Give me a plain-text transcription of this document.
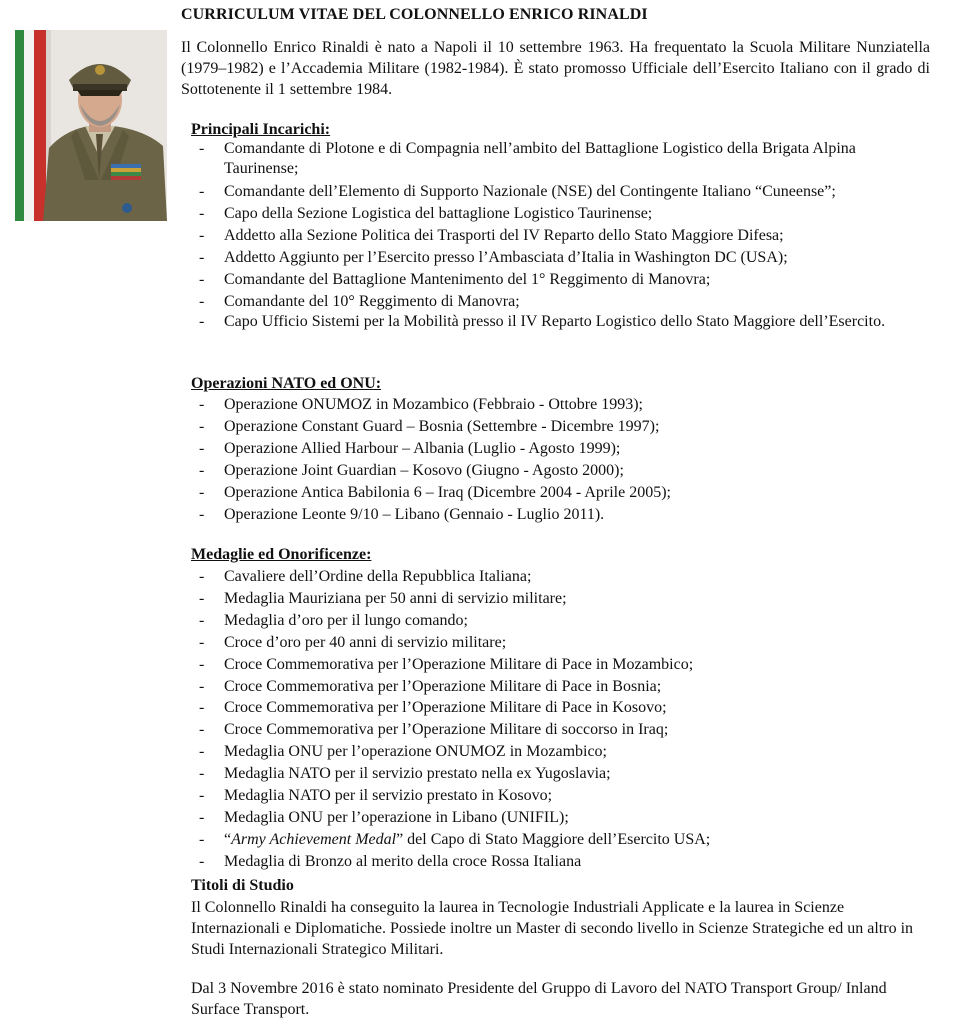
CURRICULUM VITAE DEL COLONNELLO ENRICO RINALDI
Il Colonnello Enrico Rinaldi è nato a Napoli il 10 settembre 1963. Ha frequentato la Scuola Militare Nunziatella (1979–1982) e l’Accademia Militare (1982-1984). È stato promosso Ufficiale dell’Esercito Italiano con il grado di Sottotenente il 1 settembre 1984.
Principali Incarichi:
- Comandante di Plotone e di Compagnia nell’ambito del Battaglione Logistico della Brigata Alpina Taurinense;
- Comandante dell’Elemento di Supporto Nazionale (NSE) del Contingente Italiano “Cuneense”;
- Capo della Sezione Logistica del battaglione Logistico Taurinense;
- Addetto alla Sezione Politica dei Trasporti del IV Reparto dello Stato Maggiore Difesa;
- Addetto Aggiunto per l’Esercito presso l’Ambasciata d’Italia in Washington DC (USA);
- Comandante del Battaglione Mantenimento del 1° Reggimento di Manovra;
- Comandante del 10° Reggimento di Manovra;
- Capo Ufficio Sistemi per la Mobilità presso il IV Reparto Logistico dello Stato Maggiore dell’Esercito.
Operazioni NATO ed ONU:
- Operazione ONUMOZ in Mozambico (Febbraio - Ottobre 1993);
- Operazione Constant Guard – Bosnia (Settembre - Dicembre 1997);
- Operazione Allied Harbour – Albania (Luglio - Agosto 1999);
- Operazione Joint Guardian – Kosovo (Giugno - Agosto 2000);
- Operazione Antica Babilonia 6 – Iraq (Dicembre 2004 - Aprile 2005);
- Operazione Leonte 9/10 – Libano (Gennaio - Luglio 2011).
Medaglie ed Onorificenze:
- Cavaliere dell’Ordine della Repubblica Italiana;
- Medaglia Mauriziana per 50 anni di servizio militare;
- Medaglia d’oro per il lungo comando;
- Croce d’oro per 40 anni di servizio militare;
- Croce Commemorativa per l’Operazione Militare di Pace in Mozambico;
- Croce Commemorativa per l’Operazione Militare di Pace in Bosnia;
- Croce Commemorativa per l’Operazione Militare di Pace in Kosovo;
- Croce Commemorativa per l’Operazione Militare di soccorso in Iraq;
- Medaglia ONU per l’operazione ONUMOZ in Mozambico;
- Medaglia NATO per il servizio prestato nella ex Yugoslavia;
- Medaglia NATO per il servizio prestato in Kosovo;
- Medaglia ONU per l’operazione in Libano (UNIFIL);
- “Army Achievement Medal” del Capo di Stato Maggiore dell’Esercito USA;
- Medaglia di Bronzo al merito della croce Rossa Italiana
Titoli di Studio
Il Colonnello Rinaldi ha conseguito la laurea in Tecnologie Industriali Applicate e la laurea in Scienze Internazionali e Diplomatiche. Possiede inoltre un Master di secondo livello in Scienze Strategiche ed un altro in Studi Internazionali Strategico Militari.
Dal 3 Novembre 2016 è stato nominato Presidente del Gruppo di Lavoro del NATO Transport Group/ Inland Surface Transport.
